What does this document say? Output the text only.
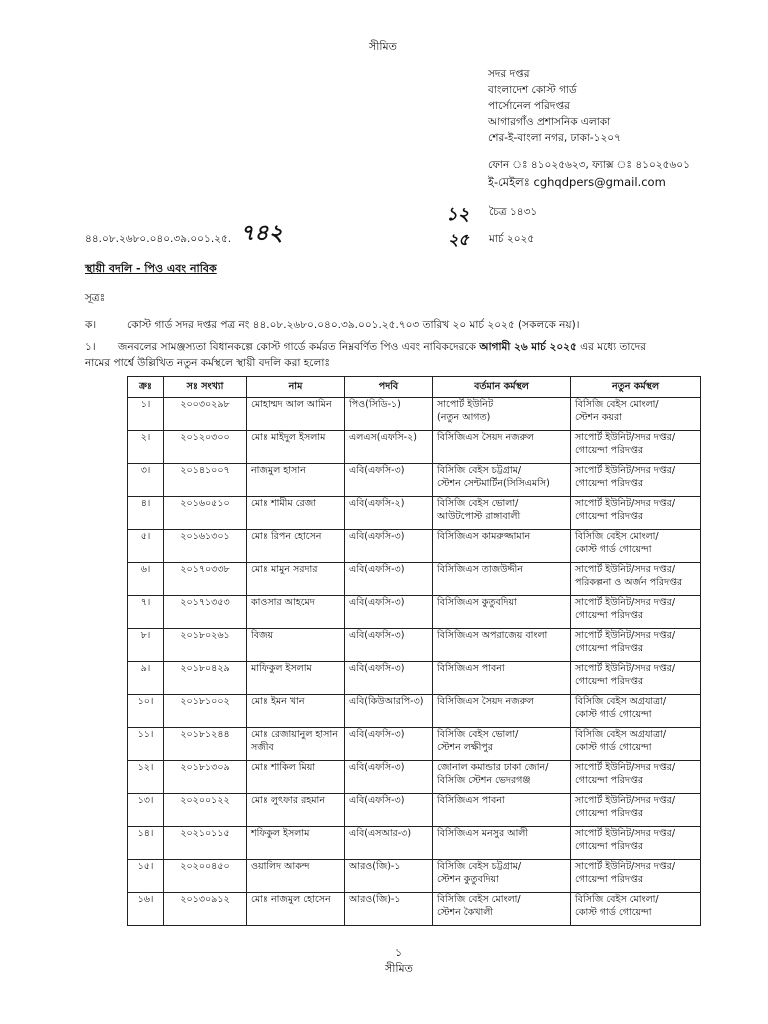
সীমিত
সদর দপ্তর
বাংলাদেশ কোস্ট গার্ড
পার্সোনেল পরিদপ্তর
আগারগাঁও প্রশাসনিক এলাকা
শের-ই-বাংলা নগর, ঢাকা-১২০৭
ফোন ঃ ৪১০২৫৬২৩, ফ্যাক্স ঃ ৪১০২৫৬০১
ই-মেইলঃ cghqdpers@gmail.com
১২ চৈত্র ১৪৩১
২৫ মার্চ ২০২৫
৪৪.০৮.২৬৮০.০৪০.৩৯.০০১.২৫. ৭৪২
স্থায়ী বদলি - পিও এবং নাবিক
সূত্রঃ
ক।	কোস্ট গার্ড সদর দপ্তর পত্র নং ৪৪.০৮.২৬৮০.০৪০.৩৯.০০১.২৫.৭০৩ তারিখ ২০ মার্চ ২০২৫ (সকলকে নয়)।
১। জনবলের সামঞ্জস্যতা বিধানকল্পে কোস্ট গার্ডে কর্মরত নিম্নবর্ণিত পিও এবং নাবিকদেরকে আগামী ২৬ মার্চ ২০২৫ এর মধ্যে তাদের
নামের পার্শ্বে উল্লিখিত নতুন কর্মস্থলে স্থায়ী বদলি করা হলোঃ
ক্রঃ	সঃ সংখ্যা	নাম	পদবি	বর্তমান কর্মস্থল	নতুন কর্মস্থল

১।	২০০৩০২৯৮	মোহাম্মদ আল আমিন	পিও(সিডি-১)	সাপোর্ট ইউনিট
(নতুন আগত)	বিসিজি বেইস মোংলা/
স্টেশন কয়রা

২।	২০১২০৩০০	মোঃ মাইদুল ইসলাম	এলএস(এফসি-২)	বিসিজিএস সৈয়দ নজরুল	সাপোর্ট ইউনিট/সদর দপ্তর/
গোয়েন্দা পরিদপ্তর

৩।	২০১৪১০০৭	নাজমুল হাসান	এবি(এফসি-৩)	বিসিজি বেইস চট্টগ্রাম/
স্টেশন সেন্টমার্টিন(সিসিএমসি)	সাপোর্ট ইউনিট/সদর দপ্তর/
গোয়েন্দা পরিদপ্তর

৪।	২০১৬০৫১০	মোঃ শামীম রেজা	এবি(এফসি-২)	বিসিজি বেইস ভোলা/
আউটপোস্ট রাঙ্গাবালী	সাপোর্ট ইউনিট/সদর দপ্তর/
গোয়েন্দা পরিদপ্তর

৫।	২০১৬১৩০১	মোঃ রিপন হোসেন	এবি(এফসি-৩)	বিসিজিএস কামরুজ্জামান	বিসিজি বেইস মোংলা/
কোস্ট গার্ড গোয়েন্দা

৬।	২০১৭০৩৩৮	মোঃ মামুন সরদার	এবি(এফসি-৩)	বিসিজিএস তাজউদ্দীন	সাপোর্ট ইউনিট/সদর দপ্তর/
পরিকল্পনা ও অর্জন পরিদপ্তর

৭।	২০১৭১৩৫৩	কাওসার আহমেদ	এবি(এফসি-৩)	বিসিজিএস কুতুবদিয়া	সাপোর্ট ইউনিট/সদর দপ্তর/
গোয়েন্দা পরিদপ্তর

৮।	২০১৮০২৬১	বিজয়	এবি(এফসি-৩)	বিসিজিএস অপরাজেয় বাংলা	সাপোর্ট ইউনিট/সদর দপ্তর/
গোয়েন্দা পরিদপ্তর

৯।	২০১৮০৪২৯	মাফিকুল ইসলাম	এবি(এফসি-৩)	বিসিজিএস পাবনা	সাপোর্ট ইউনিট/সদর দপ্তর/
গোয়েন্দা পরিদপ্তর

১০।	২০১৮১০০২	মোঃ ইমন খান	এবি(কিউআরপি-৩)	বিসিজিএস সৈয়দ নজরুল	বিসিজি বেইস অগ্রযাত্রা/
কোস্ট গার্ড গোয়েন্দা

১১।	২০১৮১২৪৪	মোঃ রেজায়ানুল হাসান
সজীব	এবি(এফসি-৩)	বিসিজি বেইস ভোলা/
স্টেশন লক্ষীপুর	বিসিজি বেইস অগ্রযাত্রা/
কোস্ট গার্ড গোয়েন্দা

১২।	২০১৮১৩০৯	মোঃ শাকিল মিয়া	এবি(এফসি-৩)	জোনাল কমান্ডার ঢাকা জোন/
বিসিজি স্টেশন ভেদরগঞ্জ	সাপোর্ট ইউনিট/সদর দপ্তর/
গোয়েন্দা পরিদপ্তর

১৩।	২০২০০১২২	মোঃ লুৎফার রহমান	এবি(এফসি-৩)	বিসিজিএস পাবনা	সাপোর্ট ইউনিট/সদর দপ্তর/
গোয়েন্দা পরিদপ্তর

১৪।	২০২১০১১৫	শফিকুল ইসলাম	এবি(এসআর-৩)	বিসিজিএস মনসুর আলী	সাপোর্ট ইউনিট/সদর দপ্তর/
গোয়েন্দা পরিদপ্তর

১৫।	২০২০০৪৫০	ওয়ালিদ আকন্দ	আরও(জি)-১	বিসিজি বেইস চট্টগ্রাম/
স্টেশন কুতুবদিয়া	সাপোর্ট ইউনিট/সদর দপ্তর/
গোয়েন্দা পরিদপ্তর

১৬।	২০১৩০৯১২	মোঃ নাজমুল হোসেন	আরও(জি)-১	বিসিজি বেইস মোংলা/
স্টেশন কৈখালী	বিসিজি বেইস মোংলা/
কোস্ট গার্ড গোয়েন্দা
১
সীমিত
